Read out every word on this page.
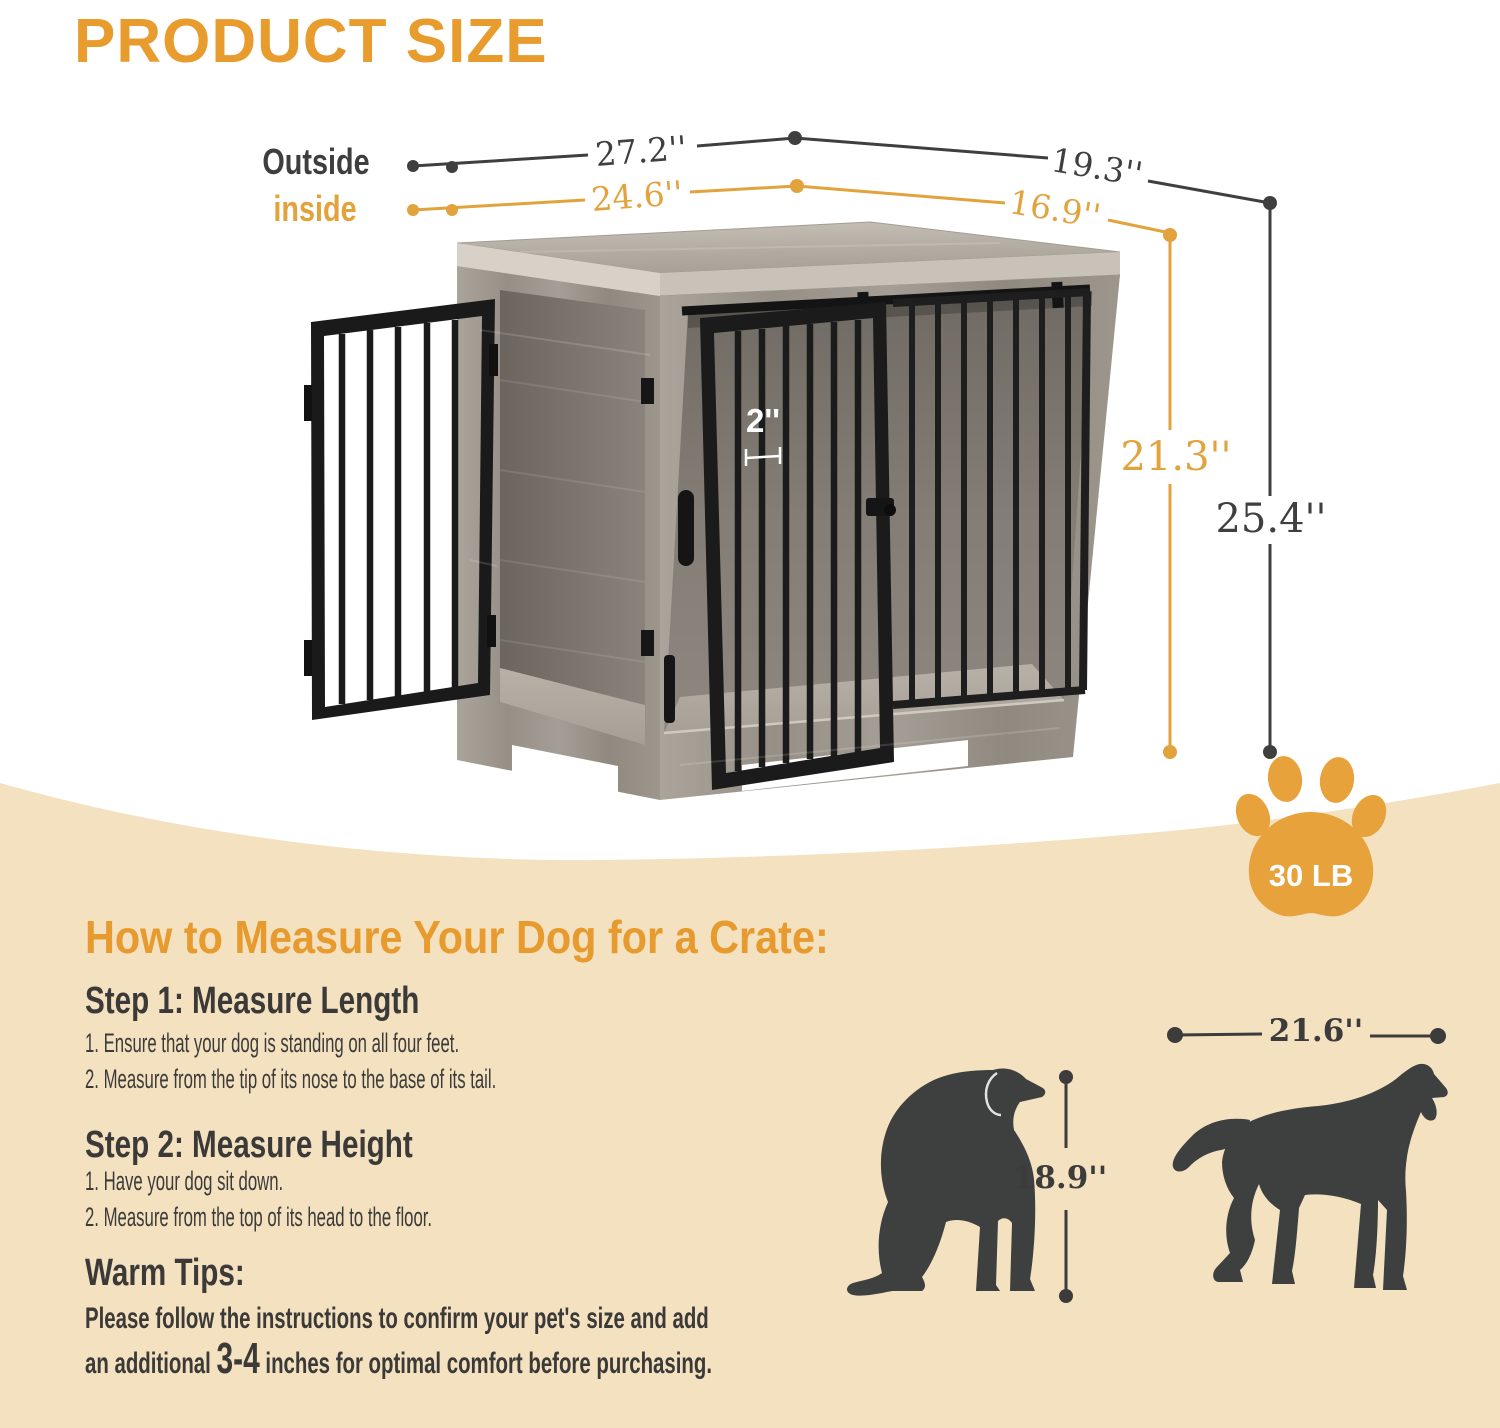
PRODUCT SIZE
Outside
inside
27.2''
24.6''
19.3''
16.9''
21.3''
25.4''
2''
30 LB
18.9''
21.6''
How to Measure Your Dog for a Crate:
Step 1: Measure Length
1. Ensure that your dog is standing on all four feet.
2. Measure from the tip of its nose to the base of its tail.
Step 2: Measure Height
1. Have your dog sit down.
2. Measure from the top of its head to the floor.
Warm Tips:
Please follow the instructions to confirm your pet's size and add
an additional 3-4 inches for optimal comfort before purchasing.
